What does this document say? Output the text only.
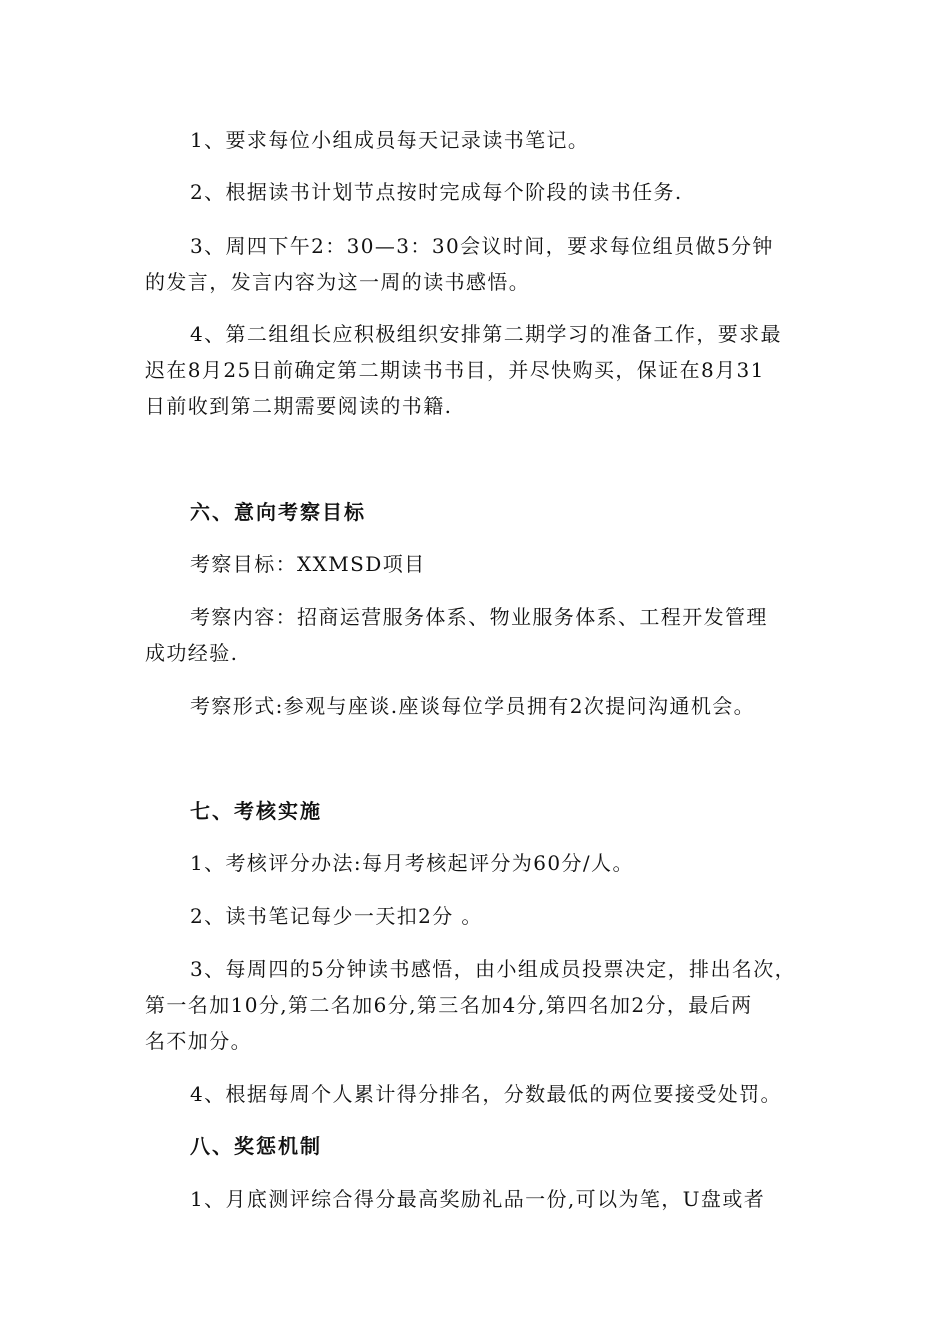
1、要求每位小组成员每天记录读书笔记。
2、根据读书计划节点按时完成每个阶段的读书任务.
3、周四下午2：30—3：30会议时间，要求每位组员做5分钟
的发言，发言内容为这一周的读书感悟。
4、第二组组长应积极组织安排第二期学习的准备工作，要求最
迟在8月25日前确定第二期读书书目，并尽快购买，保证在8月31
日前收到第二期需要阅读的书籍.
六、意向考察目标
考察目标：XXMSD项目
考察内容：招商运营服务体系、物业服务体系、工程开发管理
成功经验.
考察形式:参观与座谈.座谈每位学员拥有2次提问沟通机会。
七、考核实施
1、考核评分办法:每月考核起评分为60分/人。
2、读书笔记每少一天扣2分 。
3、每周四的5分钟读书感悟，由小组成员投票决定，排出名次，
第一名加10分,第二名加6分,第三名加4分,第四名加2分，最后两
名不加分。
4、根据每周个人累计得分排名，分数最低的两位要接受处罚。
八、奖惩机制
1、月底测评综合得分最高奖励礼品一份,可以为笔，U盘或者
